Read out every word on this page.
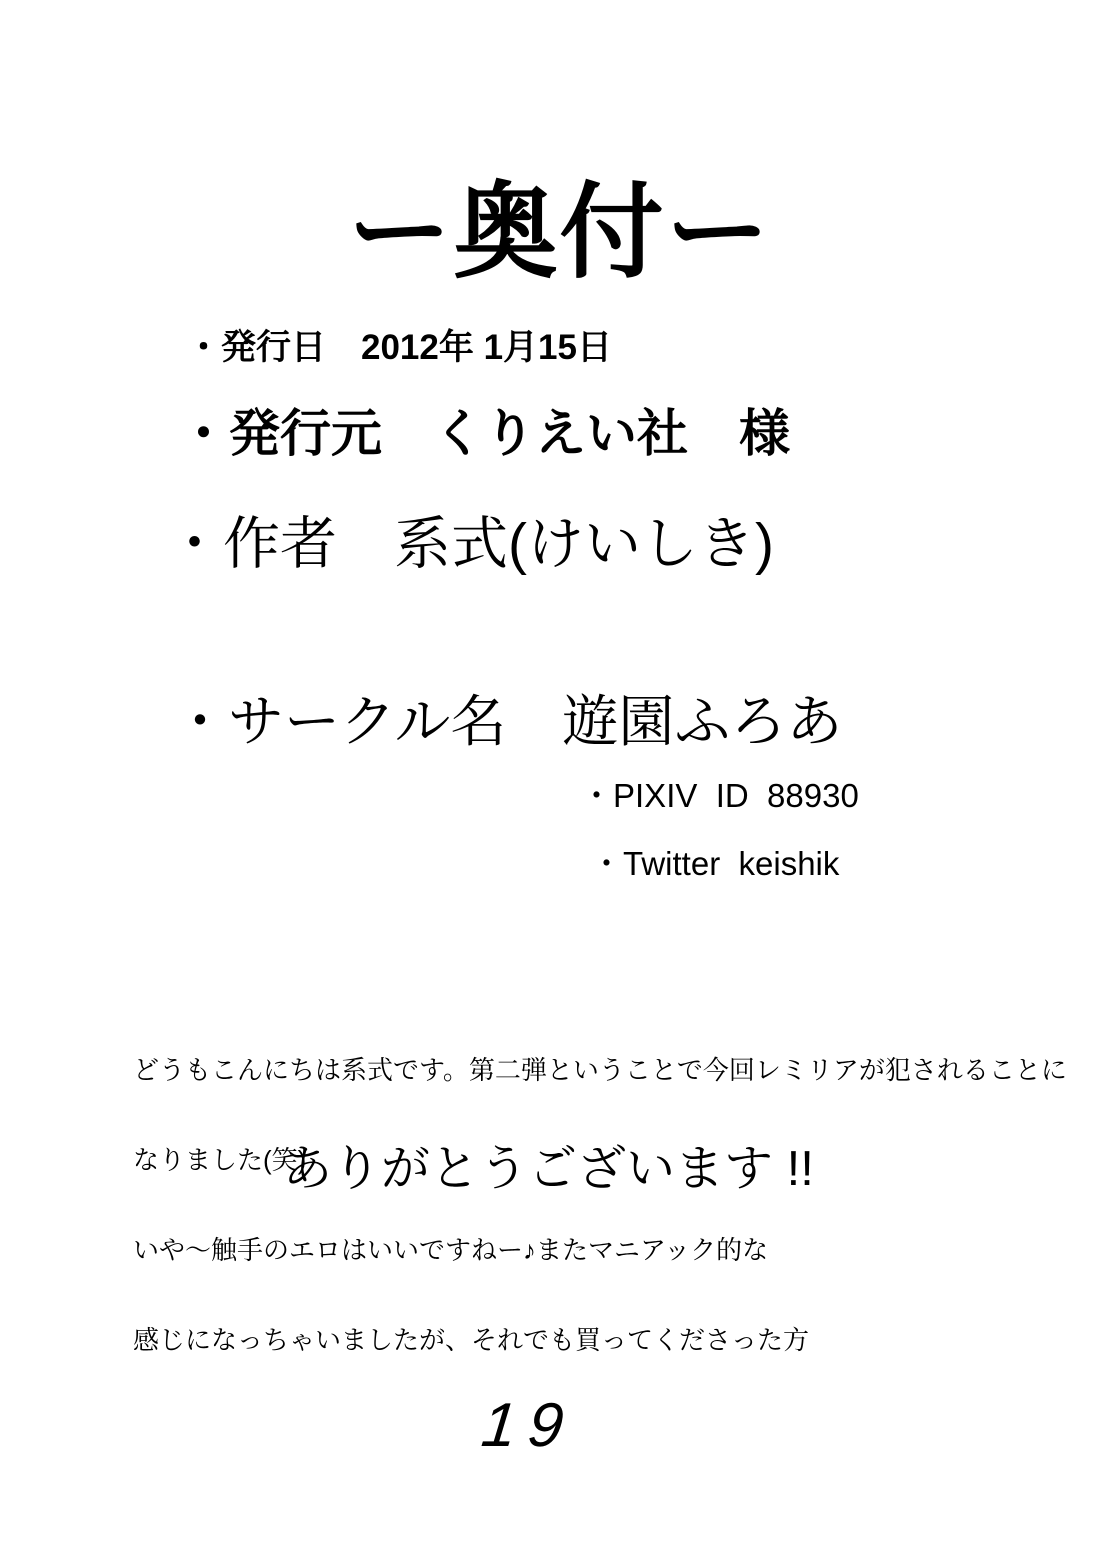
ー奥付ー
・発行日　2012年 1月15日
・発行元　くりえい社　様
・作者　系式(けいしき)
・サークル名　遊園ふろあ
・PIXIV  ID  88930
・Twitter  keishik

どうもこんにちは系式です。第二弾ということで今回レミリアが犯されることに

なりました(笑)

いや～触手のエロはいいですねー♪またマニアック的な

感じになっちゃいましたが、それでも買ってくださった方

ありがとうございます !!
19
